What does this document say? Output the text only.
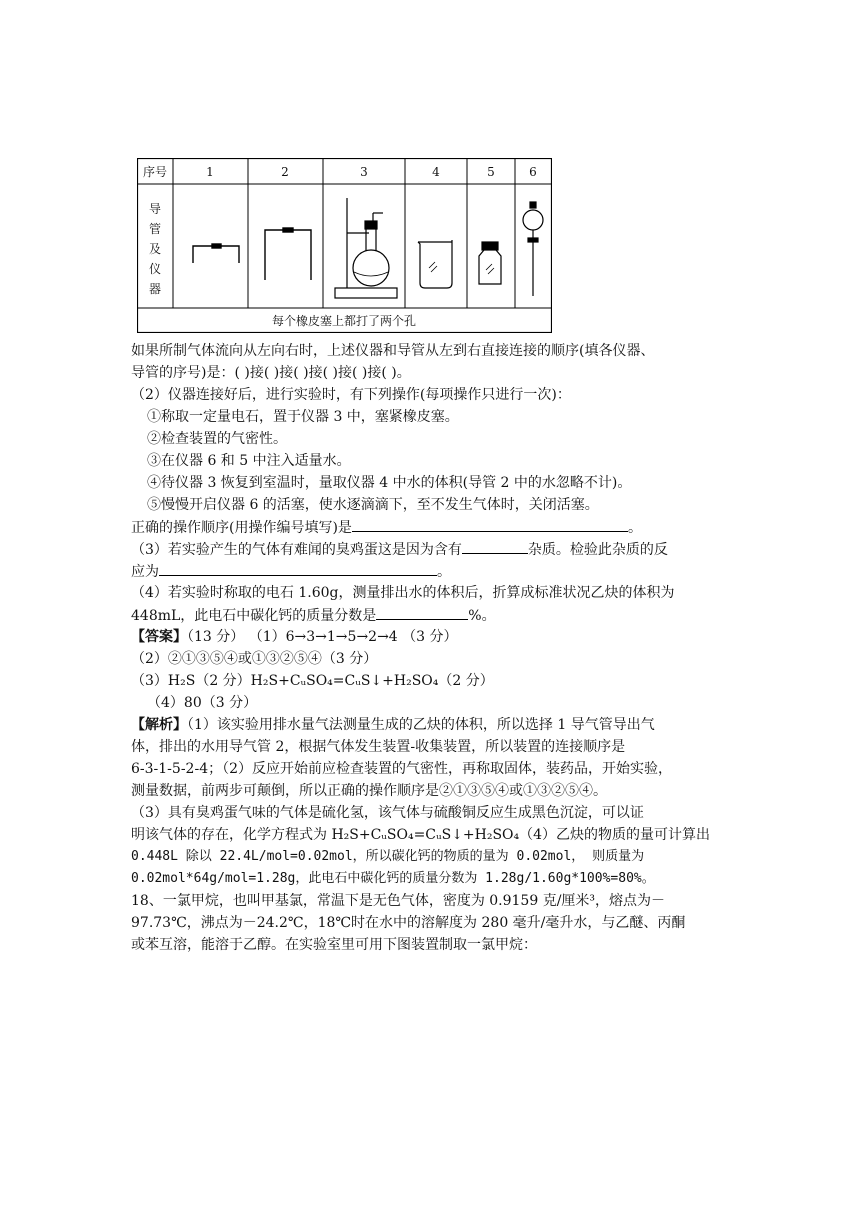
序号	1	2	3	4	5	6
导
管
及
仪
器
每个橡皮塞上都打了两个孔
如果所制气体流向从左向右时，上述仪器和导管从左到右直接连接的顺序(填各仪器、
导管的序号)是：( )接( )接( )接( )接( )接( )。
（2）仪器连接好后，进行实验时，有下列操作(每项操作只进行一次)：
①称取一定量电石，置于仪器 3 中，塞紧橡皮塞。
②检查装置的气密性。
③在仪器 6 和 5 中注入适量水。
④待仪器 3 恢复到室温时，量取仪器 4 中水的体积(导管 2 中的水忽略不计)。
⑤慢慢开启仪器 6 的活塞，使水逐滴滴下，至不发生气体时，关闭活塞。
正确的操作顺序(用操作编号填写)是	。
（3）若实验产生的气体有难闻的臭鸡蛋这是因为含有	杂质。检验此杂质的反
应为	。
（4）若实验时称取的电石 1.60g，测量排出水的体积后，折算成标准状况乙炔的体积为
448mL，此电石中碳化钙的质量分数是	%。
【答案】（13 分） （1）6→3→1→5→2→4 （3 分）
（2）②①③⑤④或①③②⑤④（3 分）
（3）H₂S（2 分）H₂S+CᵤSO₄=CᵤS↓+H₂SO₄（2 分）
（4）80（3 分）
【解析】（1）该实验用排水量气法测量生成的乙炔的体积，所以选择 1 导气管导出气
体，排出的水用导气管 2，根据气体发生装置-收集装置，所以装置的连接顺序是
6-3-1-5-2-4；（2）反应开始前应检查装置的气密性，再称取固体，装药品，开始实验，
测量数据，前两步可颠倒，所以正确的操作顺序是②①③⑤④或①③②⑤④。
（3）具有臭鸡蛋气味的气体是硫化氢，该气体与硫酸铜反应生成黑色沉淀，可以证
明该气体的存在，化学方程式为 H₂S+CᵤSO₄=CᵤS↓+H₂SO₄（4）乙炔的物质的量可计算出
0.448L 除以 22.4L/mol=0.02mol，所以碳化钙的物质的量为 0.02mol， 则质量为
0.02mol*64g/mol=1.28g，此电石中碳化钙的质量分数为 1.28g/1.60g*100%=80%。
18、一氯甲烷，也叫甲基氯，常温下是无色气体，密度为 0.9159 克/厘米³，熔点为－
97.73℃，沸点为－24.2℃，18℃时在水中的溶解度为 280 毫升/毫升水，与乙醚、丙酮
或苯互溶，能溶于乙醇。在实验室里可用下图装置制取一氯甲烷：
